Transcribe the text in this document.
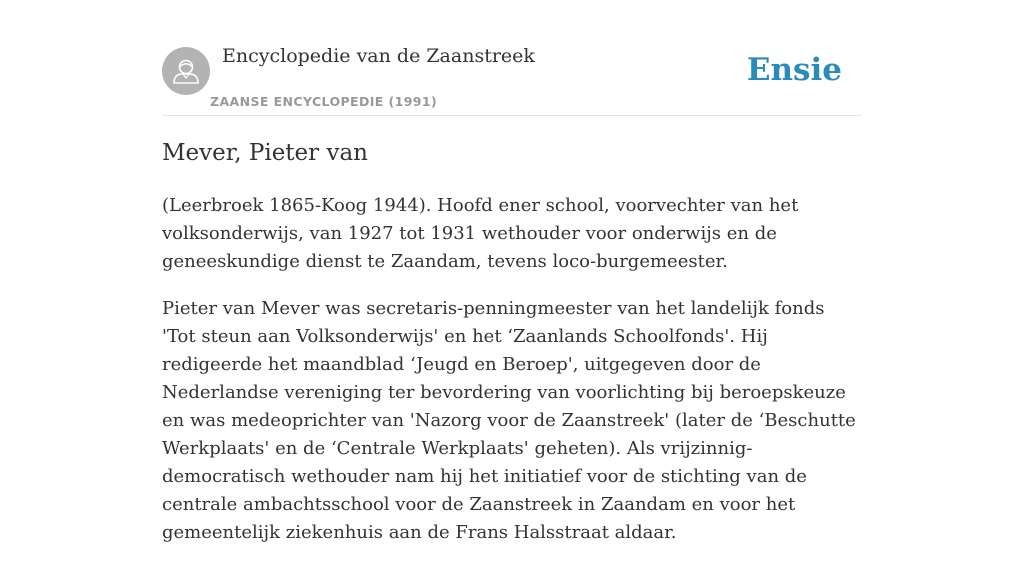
Encyclopedie van de Zaanstreek

ZAANSE ENCYCLOPEDIE (1991)
Ensie
Mever, Pieter van

(Leerbroek 1865-Koog 1944). Hoofd ener school, voorvechter van het volksonderwijs, van 1927 tot 1931 wethouder voor onderwijs en de geneeskundige dienst te Zaandam, tevens loco-burgemeester.

Pieter van Mever was secretaris-penningmeester van het landelijk fonds 'Tot steun aan Volksonderwijs' en het ‘Zaanlands Schoolfonds'. Hij redigeerde het maandblad ‘Jeugd en Beroep', uitgegeven door de Nederlandse vereniging ter bevordering van voorlichting bij beroepskeuze en was medeoprichter van 'Nazorg voor de Zaanstreek' (later de ‘Beschutte Werkplaats' en de ‘Centrale Werkplaats' geheten). Als vrijzinnig-democratisch wethouder nam hij het initiatief voor de stichting van de centrale ambachtsschool voor de Zaanstreek in Zaandam en voor het gemeentelijk ziekenhuis aan de Frans Halsstraat aldaar.
